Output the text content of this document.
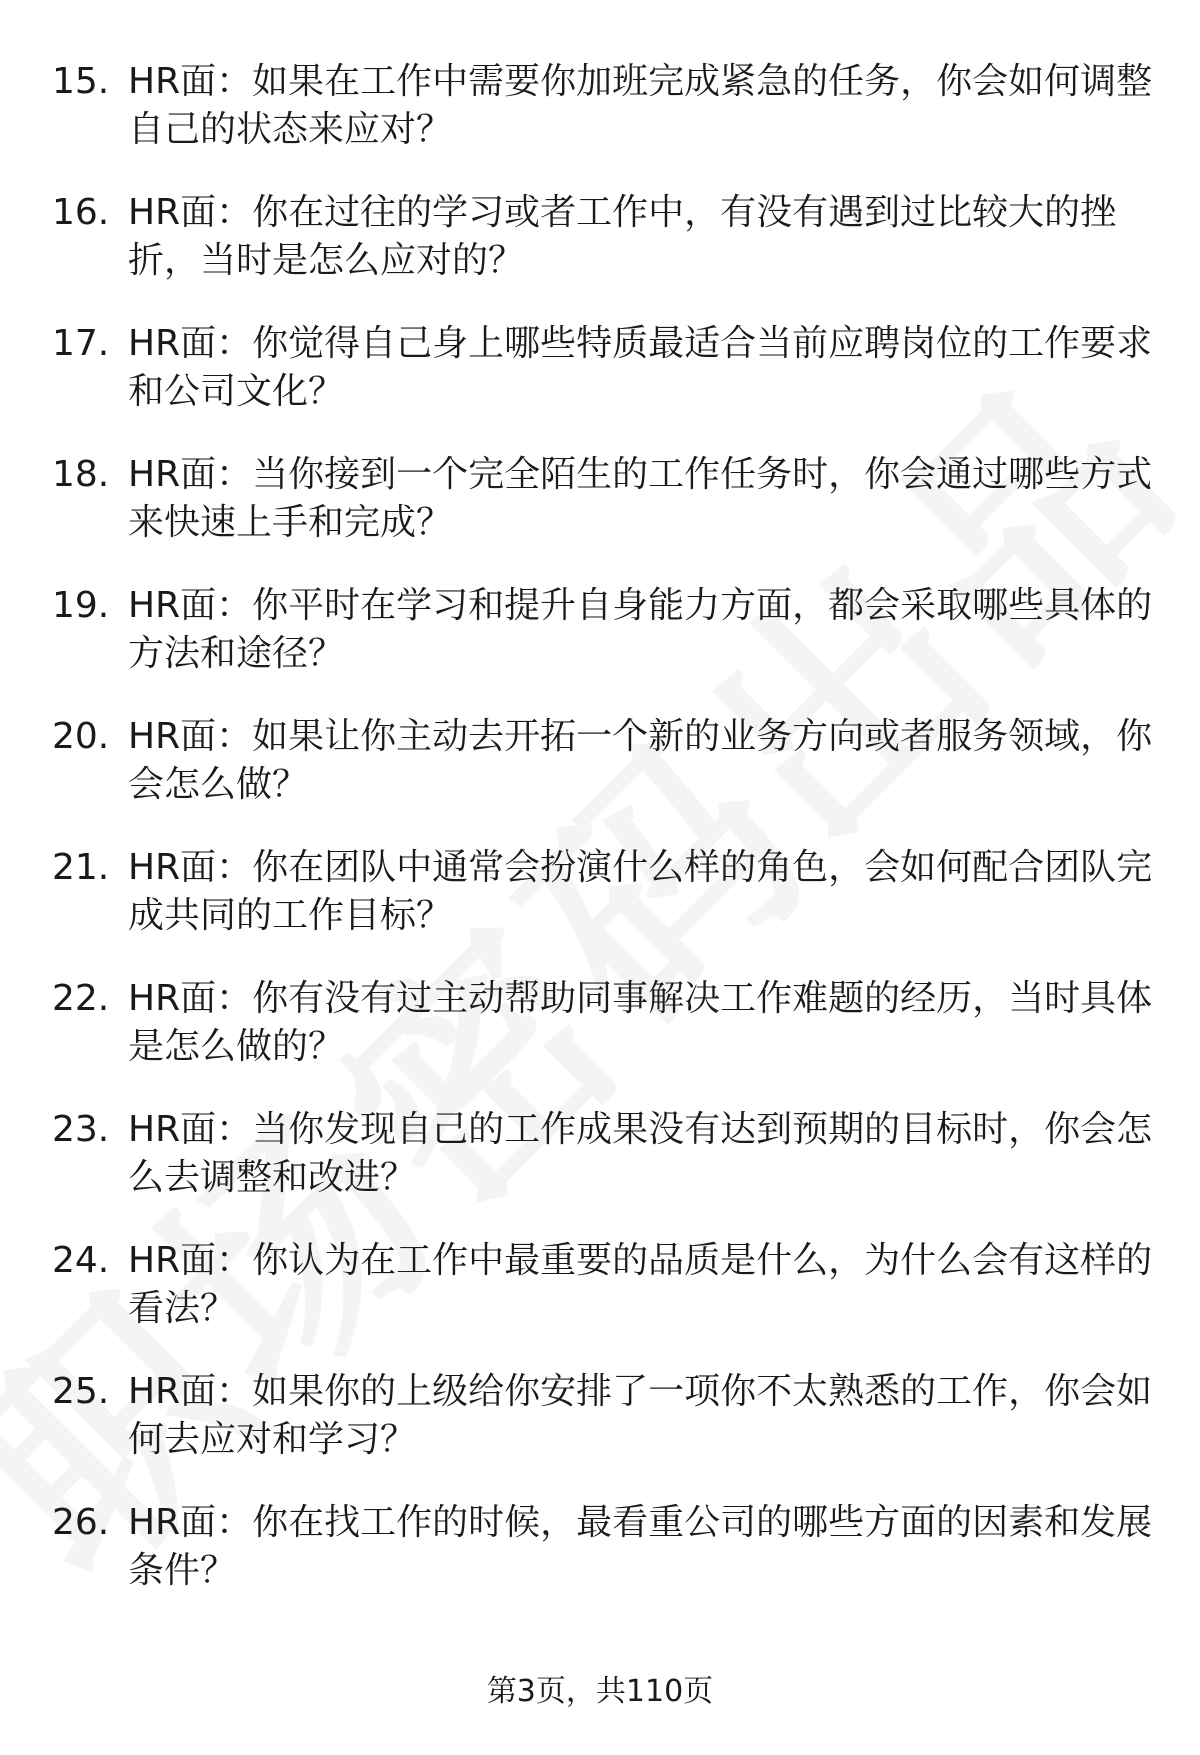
15. HR面：如果在工作中需要你加班完成紧急的任务，你会如何调整自己的状态来应对？
16. HR面：你在过往的学习或者工作中，有没有遇到过比较大的挫折，当时是怎么应对的？
17. HR面：你觉得自己身上哪些特质最适合当前应聘岗位的工作要求和公司文化？
18. HR面：当你接到一个完全陌生的工作任务时，你会通过哪些方式来快速上手和完成？
19. HR面：你平时在学习和提升自身能力方面，都会采取哪些具体的方法和途径？
20. HR面：如果让你主动去开拓一个新的业务方向或者服务领域，你会怎么做？
21. HR面：你在团队中通常会扮演什么样的角色，会如何配合团队完成共同的工作目标？
22. HR面：你有没有过主动帮助同事解决工作难题的经历，当时具体是怎么做的？
23. HR面：当你发现自己的工作成果没有达到预期的目标时，你会怎么去调整和改进？
24. HR面：你认为在工作中最重要的品质是什么，为什么会有这样的看法？
25. HR面：如果你的上级给你安排了一项你不太熟悉的工作，你会如何去应对和学习？
26. HR面：你在找工作的时候，最看重公司的哪些方面的因素和发展条件？
第3页，共110页
